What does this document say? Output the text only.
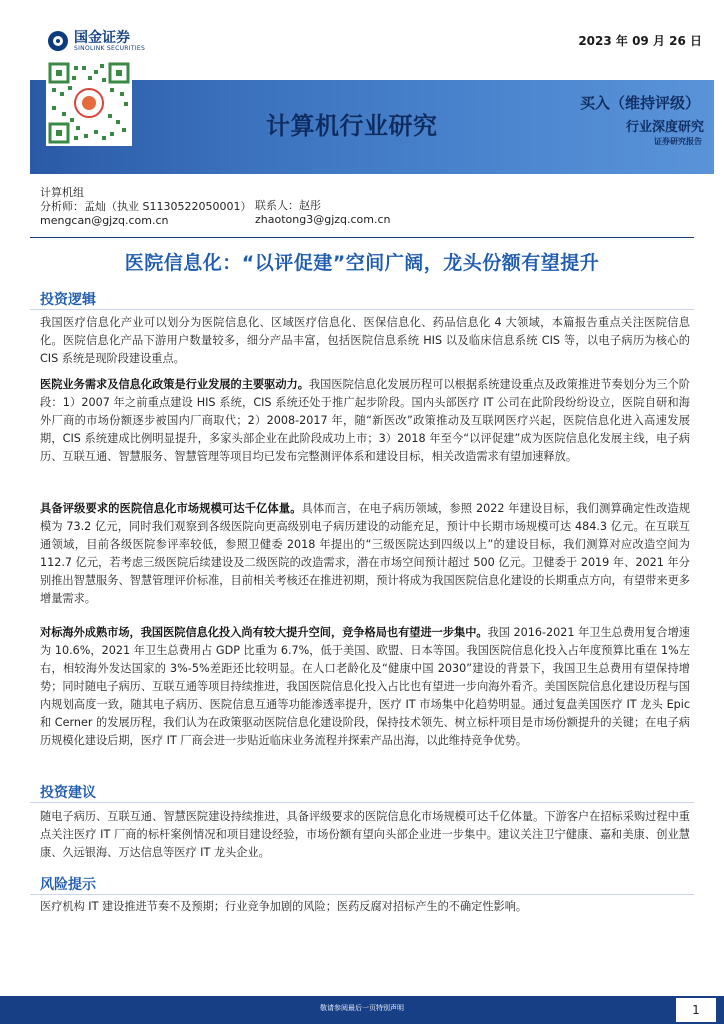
国金证券
SINOLINK SECURITIES
2023 年 09 月 26 日
计算机行业研究
买入（维持评级）
行业深度研究
证券研究报告
计算机组
分析师：孟灿（执业 S1130522050001）
mengcan@gjzq.com.cn
联系人：赵彤
zhaotong3@gjzq.com.cn
医院信息化：“以评促建”空间广阔，龙头份额有望提升
投资逻辑
我国医疗信息化产业可以划分为医院信息化、区域医疗信息化、医保信息化、药品信息化 4 大领域，本篇报告重点关注医院信息化。医院信息化产品下游用户数量较多，细分产品丰富，包括医院信息系统 HIS 以及临床信息系统 CIS 等，以电子病历为核心的 CIS 系统是现阶段建设重点。
医院业务需求及信息化政策是行业发展的主要驱动力。我国医院信息化发展历程可以根据系统建设重点及政策推进节奏划分为三个阶段：1）2007 年之前重点建设 HIS 系统，CIS 系统还处于推广起步阶段。国内头部医疗 IT 公司在此阶段纷纷设立，医院自研和海外厂商的市场份额逐步被国内厂商取代；2）2008-2017 年，随“新医改”政策推动及互联网医疗兴起，医院信息化进入高速发展期，CIS 系统建成比例明显提升，多家头部企业在此阶段成功上市；3）2018 年至今“以评促建”成为医院信息化发展主线，电子病历、互联互通、智慧服务、智慧管理等项目均已发布完整测评体系和建设目标，相关改造需求有望加速释放。
具备评级要求的医院信息化市场规模可达千亿体量。具体而言，在电子病历领域，参照 2022 年建设目标，我们测算确定性改造规模为 73.2 亿元，同时我们观察到各级医院向更高级别电子病历建设的动能充足，预计中长期市场规模可达 484.3 亿元。在互联互通领域，目前各级医院参评率较低，参照卫健委 2018 年提出的“三级医院达到四级以上”的建设目标，我们测算对应改造空间为 112.7 亿元，若考虑三级医院后续建设及二级医院的改造需求，潜在市场空间预计超过 500 亿元。卫健委于 2019 年、2021 年分别推出智慧服务、智慧管理评价标准，目前相关考核还在推进初期，预计将成为我国医院信息化建设的长期重点方向，有望带来更多增量需求。
对标海外成熟市场，我国医院信息化投入尚有较大提升空间，竞争格局也有望进一步集中。我国 2016-2021 年卫生总费用复合增速为 10.6%，2021 年卫生总费用占 GDP 比重为 6.7%，低于美国、欧盟、日本等国。我国医院信息化投入占年度预算比重在 1%左右，相较海外发达国家的 3%-5%差距还比较明显。在人口老龄化及“健康中国 2030”建设的背景下，我国卫生总费用有望保持增势；同时随电子病历、互联互通等项目持续推进，我国医院信息化投入占比也有望进一步向海外看齐。美国医院信息化建设历程与国内规划高度一致，随其电子病历、医院信息互通等功能渗透率提升，医疗 IT 市场集中化趋势明显。通过复盘美国医疗 IT 龙头 Epic 和 Cerner 的发展历程，我们认为在政策驱动医院信息化建设阶段，保持技术领先、树立标杆项目是市场份额提升的关键；在电子病历规模化建设后期，医疗 IT 厂商会进一步贴近临床业务流程并探索产品出海，以此维持竞争优势。
投资建议
随电子病历、互联互通、智慧医院建设持续推进，具备评级要求的医院信息化市场规模可达千亿体量。下游客户在招标采购过程中重点关注医疗 IT 厂商的标杆案例情况和项目建设经验，市场份额有望向头部企业进一步集中。建议关注卫宁健康、嘉和美康、创业慧康、久远银海、万达信息等医疗 IT 龙头企业。
风险提示
医疗机构 IT 建设推进节奏不及预期；行业竞争加剧的风险；医药反腐对招标产生的不确定性影响。
敬请参阅最后一页特别声明	1
